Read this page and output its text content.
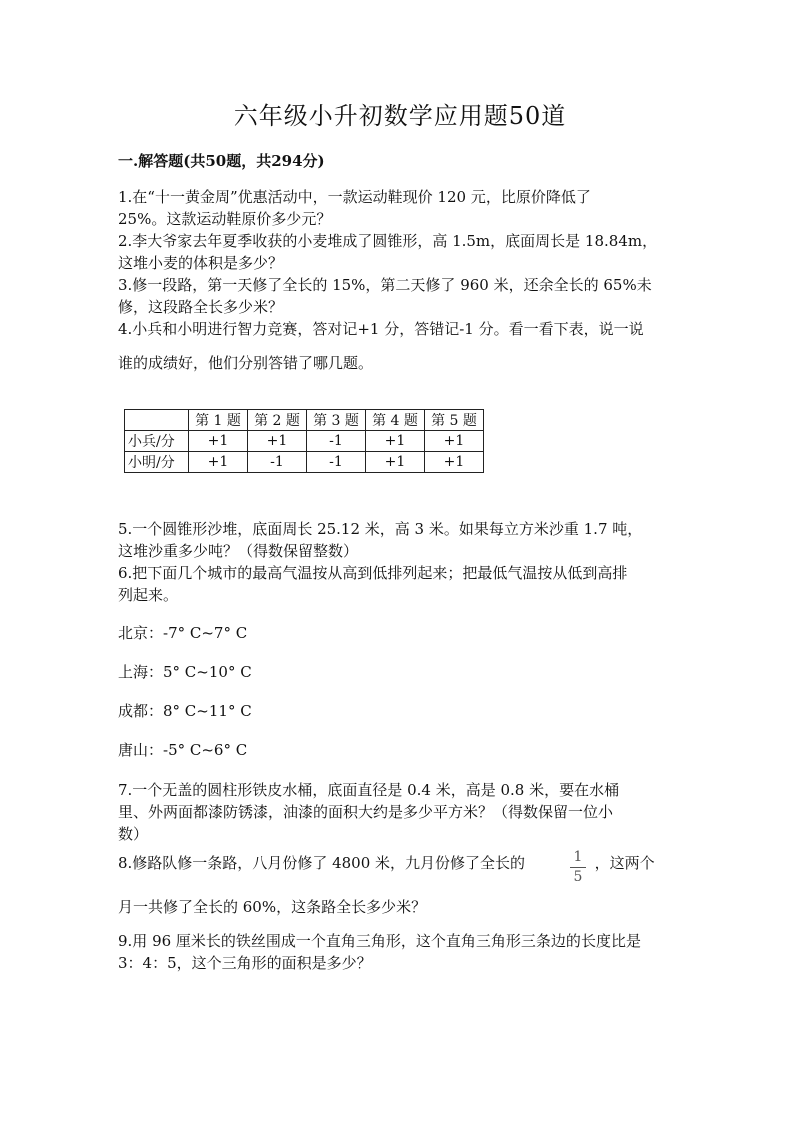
六年级小升初数学应用题50道
一.解答题(共50题，共294分)
1.在“十一黄金周”优惠活动中，一款运动鞋现价 120 元，比原价降低了
25%。这款运动鞋原价多少元？
2.李大爷家去年夏季收获的小麦堆成了圆锥形，高 1.5m，底面周长是 18.84m，
这堆小麦的体积是多少？
3.修一段路，第一天修了全长的 15%，第二天修了 960 米，还余全长的 65%未
修，这段路全长多少米？
4.小兵和小明进行智力竞赛，答对记+1 分，答错记-1 分。看一看下表，说一说
谁的成绩好，他们分别答错了哪几题。
	第 1 题	第 2 题	第 3 题	第 4 题	第 5 题
小兵/分	+1	+1	-1	+1	+1
小明/分	+1	-1	-1	+1	+1
5.一个圆锥形沙堆，底面周长 25.12 米，高 3 米。如果每立方米沙重 1.7 吨，
这堆沙重多少吨？（得数保留整数）
6.把下面几个城市的最高气温按从高到低排列起来；把最低气温按从低到高排
列起来。
北京：-7° C~7° C
上海：5° C~10° C
成都：8° C~11° C
唐山：-5° C~6° C
7.一个无盖的圆柱形铁皮水桶，底面直径是 0.4 米，高是 0.8 米，要在水桶
里、外两面都漆防锈漆，油漆的面积大约是多少平方米？（得数保留一位小
数）
8.修路队修一条路，八月份修了 4800 米，九月份修了全长的	，这两个
1
5
月一共修了全长的 60%，这条路全长多少米？
9.用 96 厘米长的铁丝围成一个直角三角形，这个直角三角形三条边的长度比是
3：4：5，这个三角形的面积是多少？
